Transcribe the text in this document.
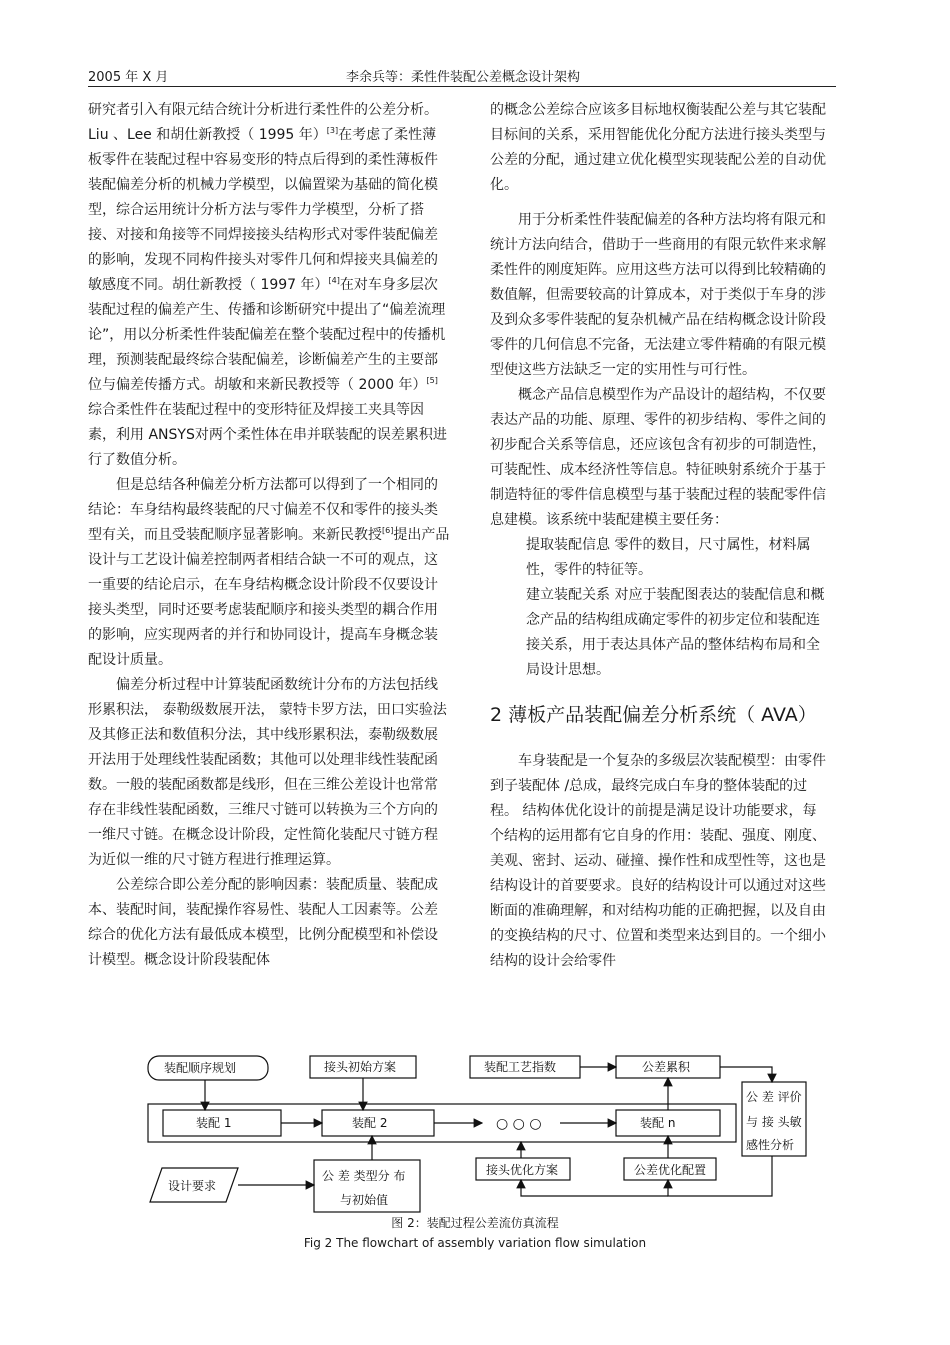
2005 年 X 月	李余兵等：柔性件装配公差概念设计架构

研究者引入有限元结合统计分析进行柔性件的公差分析。 Liu 、Lee 和胡仕新教授（ 1995 年）[3]在考虑了柔性薄板零件在装配过程中容易变形的特点后得到的柔性薄板件装配偏差分析的机械力学模型，以偏置梁为基础的简化模型，综合运用统计分析方法与零件力学模型，分析了搭接、对接和角接等不同焊接接头结构形式对零件装配偏差的影响，发现不同构件接头对零件几何和焊接夹具偏差的敏感度不同。胡仕新教授（ 1997 年）[4]在对车身多层次装配过程的偏差产生、传播和诊断研究中提出了“偏差流理论”，用以分析柔性件装配偏差在整个装配过程中的传播机理，预测装配最终综合装配偏差，诊断偏差产生的主要部位与偏差传播方式。胡敏和来新民教授等（ 2000 年）[5]综合柔性件在装配过程中的变形特征及焊接工夹具等因素，利用 ANSYS对两个柔性体在串并联装配的误差累积进行了数值分析。

但是总结各种偏差分析方法都可以得到了一个相同的结论：车身结构最终装配的尺寸偏差不仅和零件的接头类型有关，而且受装配顺序显著影响。来新民教授[6]提出产品设计与工艺设计偏差控制两者相结合缺一不可的观点，这一重要的结论启示，在车身结构概念设计阶段不仅要设计接头类型，同时还要考虑装配顺序和接头类型的耦合作用的影响，应实现两者的并行和协同设计，提高车身概念装配设计质量。

偏差分析过程中计算装配函数统计分布的方法包括线形累积法， 泰勒级数展开法， 蒙特卡罗方法，田口实验法及其修正法和数值积分法，其中线形累积法，泰勒级数展开法用于处理线性装配函数；其他可以处理非线性装配函数。一般的装配函数都是线形，但在三维公差设计也常常存在非线性装配函数，三维尺寸链可以转换为三个方向的一维尺寸链。在概念设计阶段，定性简化装配尺寸链方程为近似一维的尺寸链方程进行推理运算。

公差综合即公差分配的影响因素：装配质量、装配成本、装配时间，装配操作容易性、装配人工因素等。公差综合的优化方法有最低成本模型，比例分配模型和补偿设计模型。概念设计阶段装配体

的概念公差综合应该多目标地权衡装配公差与其它装配目标间的关系，采用智能优化分配方法进行接头类型与公差的分配，通过建立优化模型实现装配公差的自动优化。

用于分析柔性件装配偏差的各种方法均将有限元和统计方法向结合，借助于一些商用的有限元软件来求解柔性件的刚度矩阵。应用这些方法可以得到比较精确的数值解，但需要较高的计算成本，对于类似于车身的涉及到众多零件装配的复杂机械产品在结构概念设计阶段零件的几何信息不完备，无法建立零件精确的有限元模型使这些方法缺乏一定的实用性与可行性。

概念产品信息模型作为产品设计的超结构，不仅要表达产品的功能、原理、零件的初步结构、零件之间的初步配合关系等信息，还应该包含有初步的可制造性，可装配性、成本经济性等信息。特征映射系统介于基于制造特征的零件信息模型与基于装配过程的装配零件信息建模。该系统中装配建模主要任务：

提取装配信息 零件的数目，尺寸属性，材料属性，零件的特征等。

建立装配关系 对应于装配图表达的装配信息和概念产品的结构组成确定零件的初步定位和装配连接关系，用于表达具体产品的整体结构布局和全局设计思想。

2 薄板产品装配偏差分析系统（ AVA）

车身装配是一个复杂的多级层次装配模型：由零件到子装配体 /总成，最终完成白车身的整体装配的过程。 结构体优化设计的前提是满足设计功能要求，每个结构的运用都有它自身的作用：装配、强度、刚度、美观、密封、运动、碰撞、操作性和成型性等，这也是结构设计的首要要求。良好的结构设计可以通过对这些断面的准确理解，和对结构功能的正确把握，以及自由的变换结构的尺寸、位置和类型来达到目的。一个细小结构的设计会给零件

装配顺序规划	接头初始方案	装配工艺指数	公差累积
装配 1	装配 2	○ ○ ○	装配 n
公 差 评价
与 接 头敏
感性分析
设计要求
公 差 类型分 布
与初始值
接头优化方案	公差优化配置
图 2：装配过程公差流仿真流程
Fig 2 The flowchart of assembly variation flow simulation
